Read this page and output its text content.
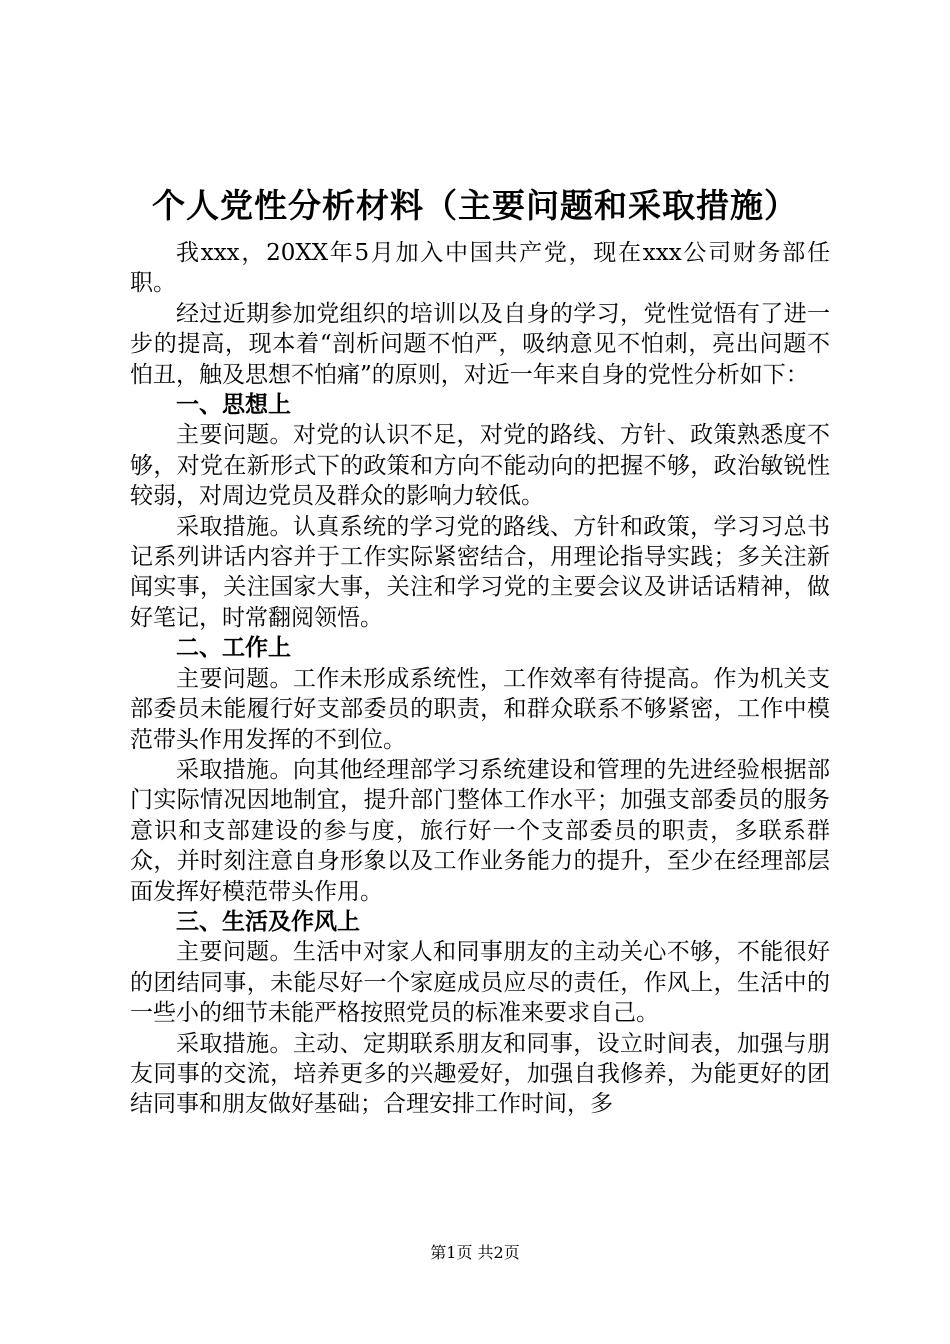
个人党性分析材料（主要问题和采取措施）

我xxx，20XX年5月加入中国共产党，现在xxx公司财务部任职。

经过近期参加党组织的培训以及自身的学习，党性觉悟有了进一步的提高，现本着“剖析问题不怕严，吸纳意见不怕刺，亮出问题不怕丑，触及思想不怕痛”的原则，对近一年来自身的党性分析如下：

一、思想上

主要问题。对党的认识不足，对党的路线、方针、政策熟悉度不够，对党在新形式下的政策和方向不能动向的把握不够，政治敏锐性较弱，对周边党员及群众的影响力较低。

采取措施。认真系统的学习党的路线、方针和政策，学习习总书记系列讲话内容并于工作实际紧密结合，用理论指导实践；多关注新闻实事，关注国家大事，关注和学习党的主要会议及讲话话精神，做好笔记，时常翻阅领悟。

二、工作上

主要问题。工作未形成系统性，工作效率有待提高。作为机关支部委员未能履行好支部委员的职责，和群众联系不够紧密，工作中模范带头作用发挥的不到位。

采取措施。向其他经理部学习系统建设和管理的先进经验根据部门实际情况因地制宜，提升部门整体工作水平；加强支部委员的服务意识和支部建设的参与度，旅行好一个支部委员的职责，多联系群众，并时刻注意自身形象以及工作业务能力的提升，至少在经理部层面发挥好模范带头作用。

三、生活及作风上

主要问题。生活中对家人和同事朋友的主动关心不够，不能很好的团结同事，未能尽好一个家庭成员应尽的责任，作风上，生活中的一些小的细节未能严格按照党员的标准来要求自己。

采取措施。主动、定期联系朋友和同事，设立时间表，加强与朋友同事的交流，培养更多的兴趣爱好，加强自我修养，为能更好的团结同事和朋友做好基础；合理安排工作时间，多

第1页 共2页
